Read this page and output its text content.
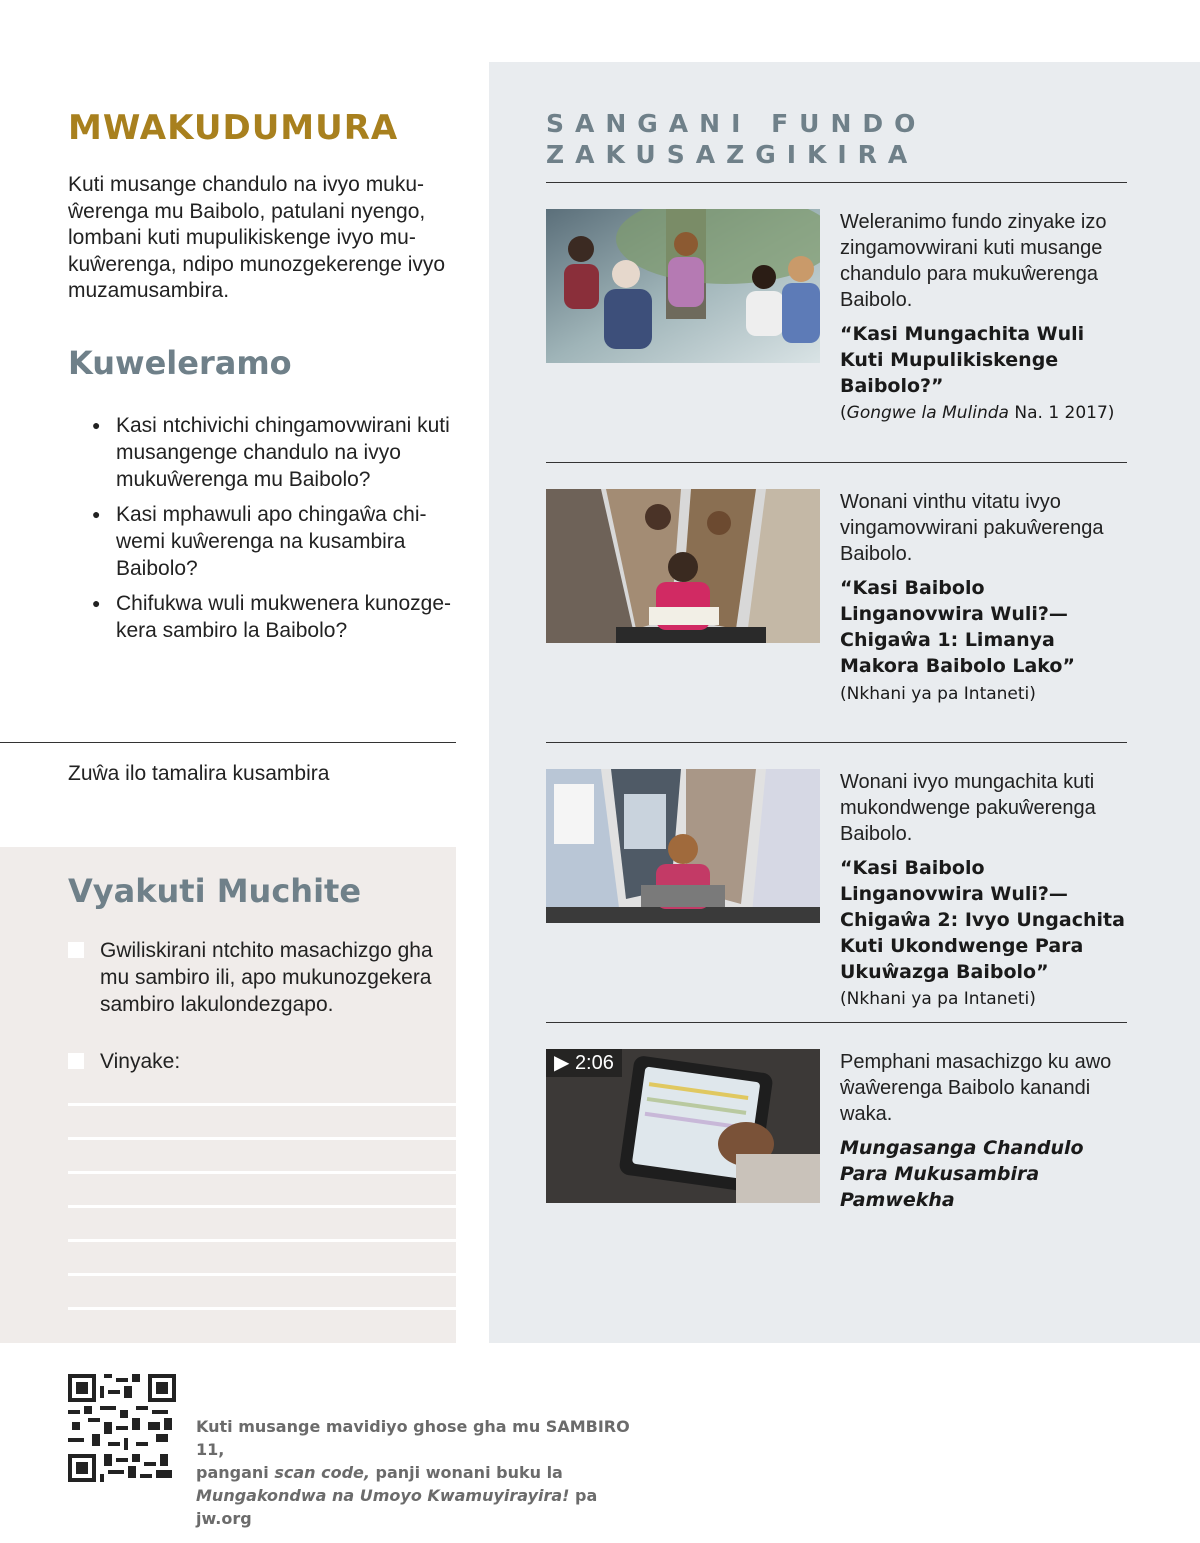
MWAKUDUMURA

Kuti musange chandulo na ivyo mukuŵerenga mu Baibolo, patulani nyengo, lombani kuti mupulikiskenge ivyo mukuŵerenga, ndipo munozgekerenge ivyo muzamusambira.

Kuweleramo
● Kasi ntchivichi chingamovwirani kuti musangenge chandulo na ivyo mukuŵerenga mu Baibolo?
● Kasi mphawuli apo chingaŵa chiwemi kuŵerenga na kusambira Baibolo?
● Chifukwa wuli mukwenera kunozgekera sambiro la Baibolo?
Zuŵa ilo tamalira kusambira
Vyakuti Muchite
Gwiliskirani ntchito masachizgo gha mu sambiro ili, apo mukunozgekera sambiro lakulondezgapo.
Vinyake:
SANGANI FUNDO
ZAKUSAZGIKIRA

Weleranimo fundo zinyake izo zingamovwirani kuti musange chandulo para mukuŵerenga Baibolo.

“Kasi Mungachita Wuli Kuti Mupulikiskenge Baibolo?”
(Gongwe la Mulinda Na. 1 2017)

Wonani vinthu vitatu ivyo vingamovwirani pakuŵerenga Baibolo.

“Kasi Baibolo Linganovwira Wuli?—Chigaŵa 1: Limanya Makora Baibolo Lako” (Nkhani ya pa Intaneti)

Wonani ivyo mungachita kuti mukondwenge pakuŵerenga Baibolo.

“Kasi Baibolo Linganovwira Wuli?—Chigaŵa 2: Ivyo Ungachita Kuti Ukondwenge Para Ukuŵazga Baibolo”
(Nkhani ya pa Intaneti)

▶ 2:06	Pemphani masachizgo ku awo ŵaŵerenga Baibolo kanandi waka.

Mungasanga Chandulo Para Mukusambira Pamwekha

Kuti musange mavidiyo ghose gha mu SAMBIRO 11,
pangani scan code, panji wonani buku la
Mungakondwa na Umoyo Kwamuyirayira! pa jw.org
